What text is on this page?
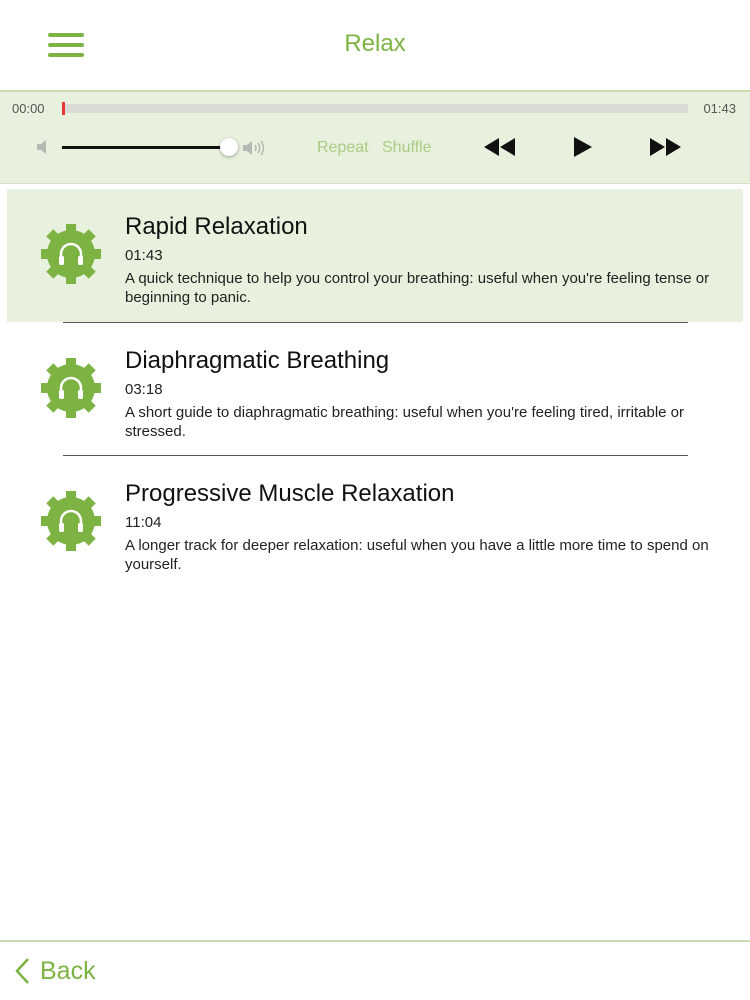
Relax
00:00	01:43
Repeat Shuffle
Rapid Relaxation
01:43
A quick technique to help you control your breathing: useful when you're feeling tense or beginning to panic.
Diaphragmatic Breathing
03:18
A short guide to diaphragmatic breathing: useful when you're feeling tired, irritable or stressed.
Progressive Muscle Relaxation
11:04
A longer track for deeper relaxation: useful when you have a little more time to spend on yourself.
Back
